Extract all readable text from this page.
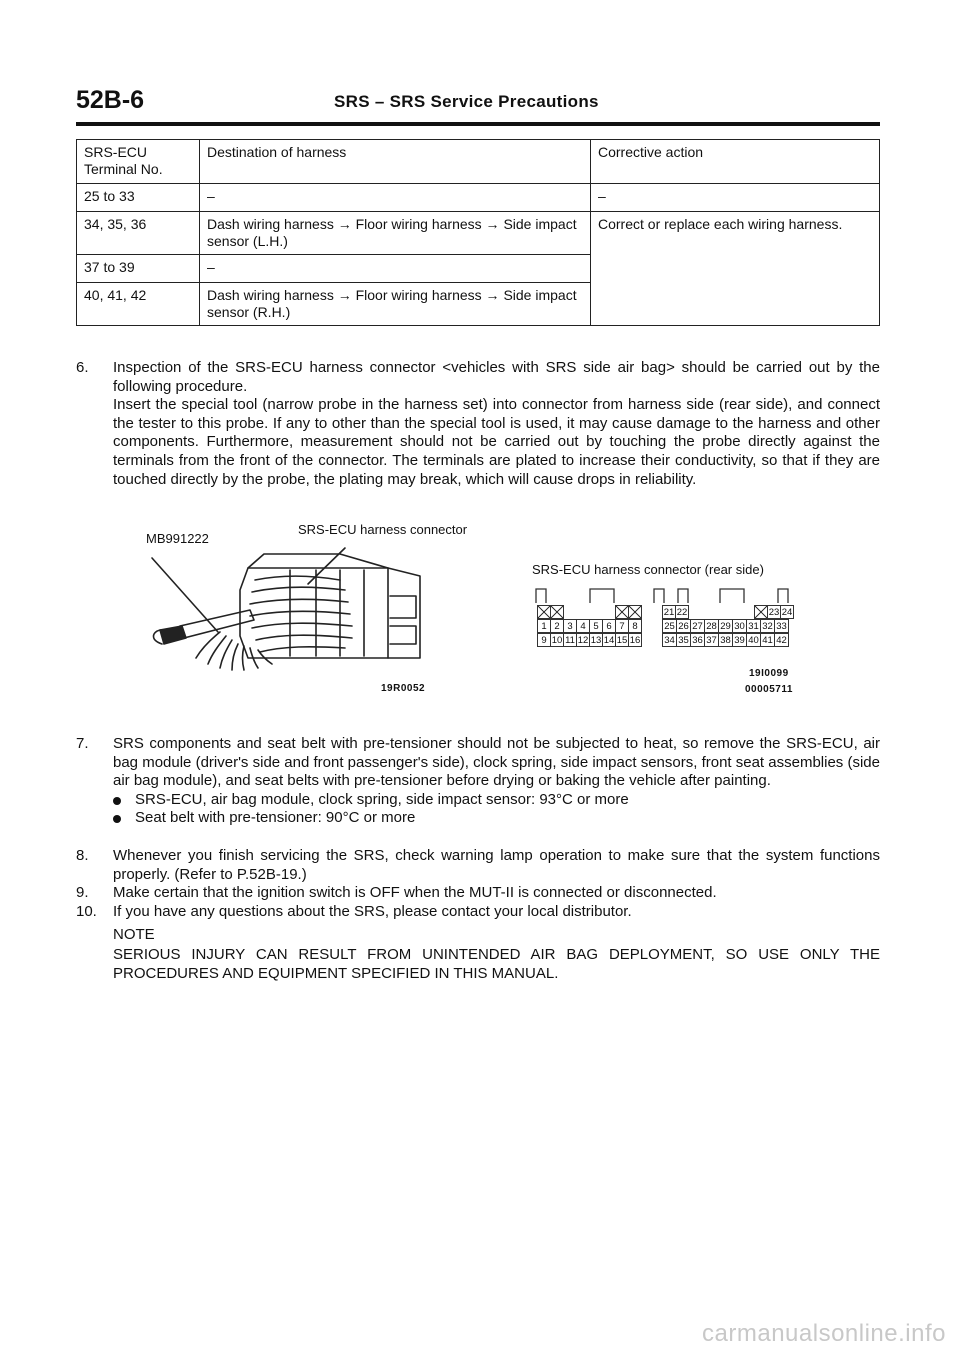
52B-6	SRS – SRS Service Precautions
SRS-ECU Terminal No.	Destination of harness	Corrective action
25 to 33	–	–
34, 35, 36	Dash wiring harness → Floor wiring harness → Side impact sensor (L.H.)	Correct or replace each wiring harness.
37 to 39	–	
40, 41, 42	Dash wiring harness → Floor wiring harness → Side impact sensor (R.H.)	
6. Inspection of the SRS-ECU harness connector <vehicles with SRS side air bag> should be carried out by the following procedure.
Insert the special tool (narrow probe in the harness set) into connector from harness side (rear side), and connect the tester to this probe. If any to other than the special tool is used, it may cause damage to the harness and other components. Furthermore, measurement should not be carried out by touching the probe directly against the terminals from the front of the connector. The terminals are plated to increase their conductivity, so that if they are touched directly by the probe, the plating may break, which will cause drops in reliability.
MB991222
SRS-ECU harness connector
19R0052
SRS-ECU harness connector (rear side)
1 2 3 4 5 6 7 8
9 10 11 12 13 14 15 16
21 22	23 24
25 26 27 28 29 30 31 32 33
34 35 36 37 38 39 40 41 42
19I0099
00005711
7. SRS components and seat belt with pre-tensioner should not be subjected to heat, so remove the SRS-ECU, air bag module (driver's side and front passenger's side), clock spring, side impact sensors, front seat assemblies (side air bag module), and seat belts with pre-tensioner before drying or baking the vehicle after painting.
SRS-ECU, air bag module, clock spring, side impact sensor: 93°C or more
Seat belt with pre-tensioner: 90°C or more
8. Whenever you finish servicing the SRS, check warning lamp operation to make sure that the system functions properly. (Refer to P.52B-19.)
9. Make certain that the ignition switch is OFF when the MUT-II is connected or disconnected.
10. If you have any questions about the SRS, please contact your local distributor.
NOTE
SERIOUS INJURY CAN RESULT FROM UNINTENDED AIR BAG DEPLOYMENT, SO USE ONLY THE PROCEDURES AND EQUIPMENT SPECIFIED IN THIS MANUAL.
carmanualsonline.info
